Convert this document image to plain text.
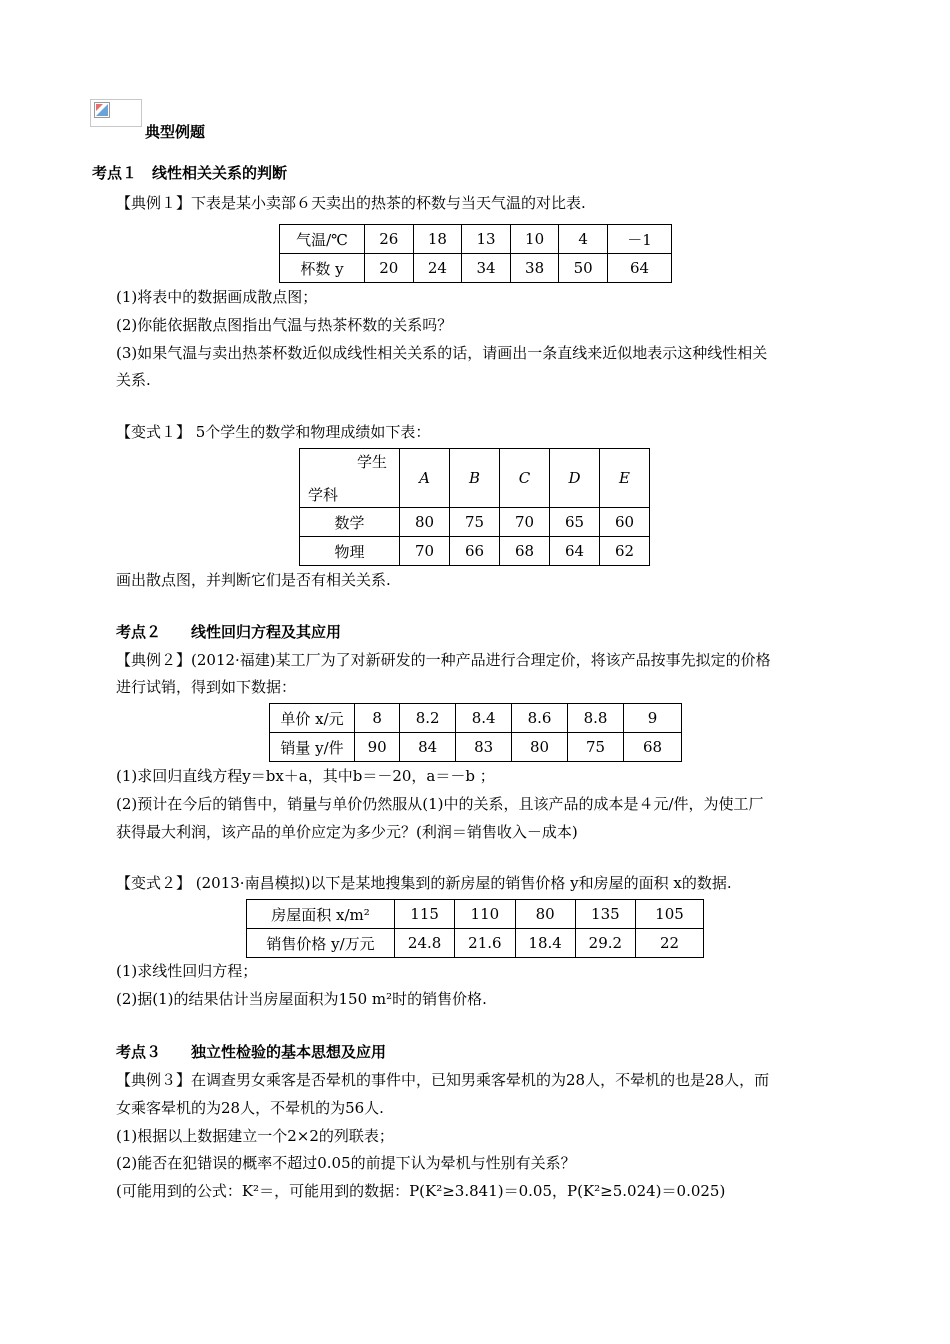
典型例题
考点１　线性相关关系的判断
【典例１】下表是某小卖部６天卖出的热茶的杯数与当天气温的对比表.
气温/℃	26	18	13	10	4	－1
杯数 y	20	24	34	38	50	64
(1)将表中的数据画成散点图；
(2)你能依据散点图指出气温与热茶杯数的关系吗？
(3)如果气温与卖出热茶杯数近似成线性相关关系的话，请画出一条直线来近似地表示这种线性相关
关系.
【变式１】 5个学生的数学和物理成绩如下表：
学生
学科	A	B	C	D	E
数学	80	75	70	65	60
物理	70	66	68	64	62
画出散点图，并判断它们是否有相关关系.
考点２　　线性回归方程及其应用
【典例２】(2012·福建)某工厂为了对新研发的一种产品进行合理定价，将该产品按事先拟定的价格
进行试销，得到如下数据：
单价 x/元	8	8.2	8.4	8.6	8.8	9
销量 y/件	90	84	83	80	75	68
(1)求回归直线方程y＝bx＋a，其中b＝－20，a＝－b ；
(2)预计在今后的销售中，销量与单价仍然服从(1)中的关系，且该产品的成本是４元/件，为使工厂
获得最大利润，该产品的单价应定为多少元？(利润＝销售收入－成本)
【变式２】 (2013·南昌模拟)以下是某地搜集到的新房屋的销售价格 y和房屋的面积 x的数据.
房屋面积 x/m²	115	110	80	135	105
销售价格 y/万元	24.8	21.6	18.4	29.2	22
(1)求线性回归方程；
(2)据(1)的结果估计当房屋面积为150 m²时的销售价格.
考点３　　独立性检验的基本思想及应用
【典例３】在调查男女乘客是否晕机的事件中，已知男乘客晕机的为28人，不晕机的也是28人，而
女乘客晕机的为28人，不晕机的为56人.
(1)根据以上数据建立一个2×2的列联表；
(2)能否在犯错误的概率不超过0.05的前提下认为晕机与性别有关系？
(可能用到的公式：K²＝，可能用到的数据：P(K²≥3.841)＝0.05，P(K²≥5.024)＝0.025)
